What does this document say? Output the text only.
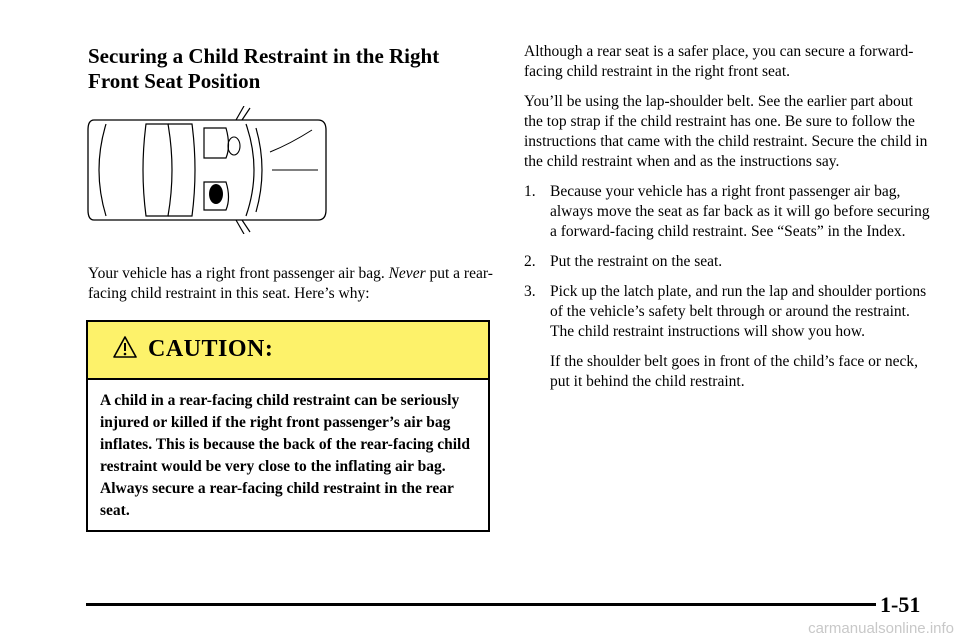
Securing a Child Restraint in the Right Front Seat Position

Your vehicle has a right front passenger air bag. Never put a rear-facing child restraint in this seat. Here’s why:

CAUTION:

A child in a rear-facing child restraint can be seriously injured or killed if the right front passenger’s air bag inflates. This is because the back of the rear-facing child restraint would be very close to the inflating air bag. Always secure a rear-facing child restraint in the rear seat.

Although a rear seat is a safer place, you can secure a forward-facing child restraint in the right front seat.

You’ll be using the lap-shoulder belt. See the earlier part about the top strap if the child restraint has one. Be sure to follow the instructions that came with the child restraint. Secure the child in the child restraint when and as the instructions say.

1. Because your vehicle has a right front passenger air bag, always move the seat as far back as it will go before securing a forward-facing child restraint. See “Seats” in the Index.
2. Put the restraint on the seat.
3. Pick up the latch plate, and run the lap and shoulder portions of the vehicle’s safety belt through or around the restraint. The child restraint instructions will show you how.
If the shoulder belt goes in front of the child’s face or neck, put it behind the child restraint.
1-51
carmanualsonline.info
